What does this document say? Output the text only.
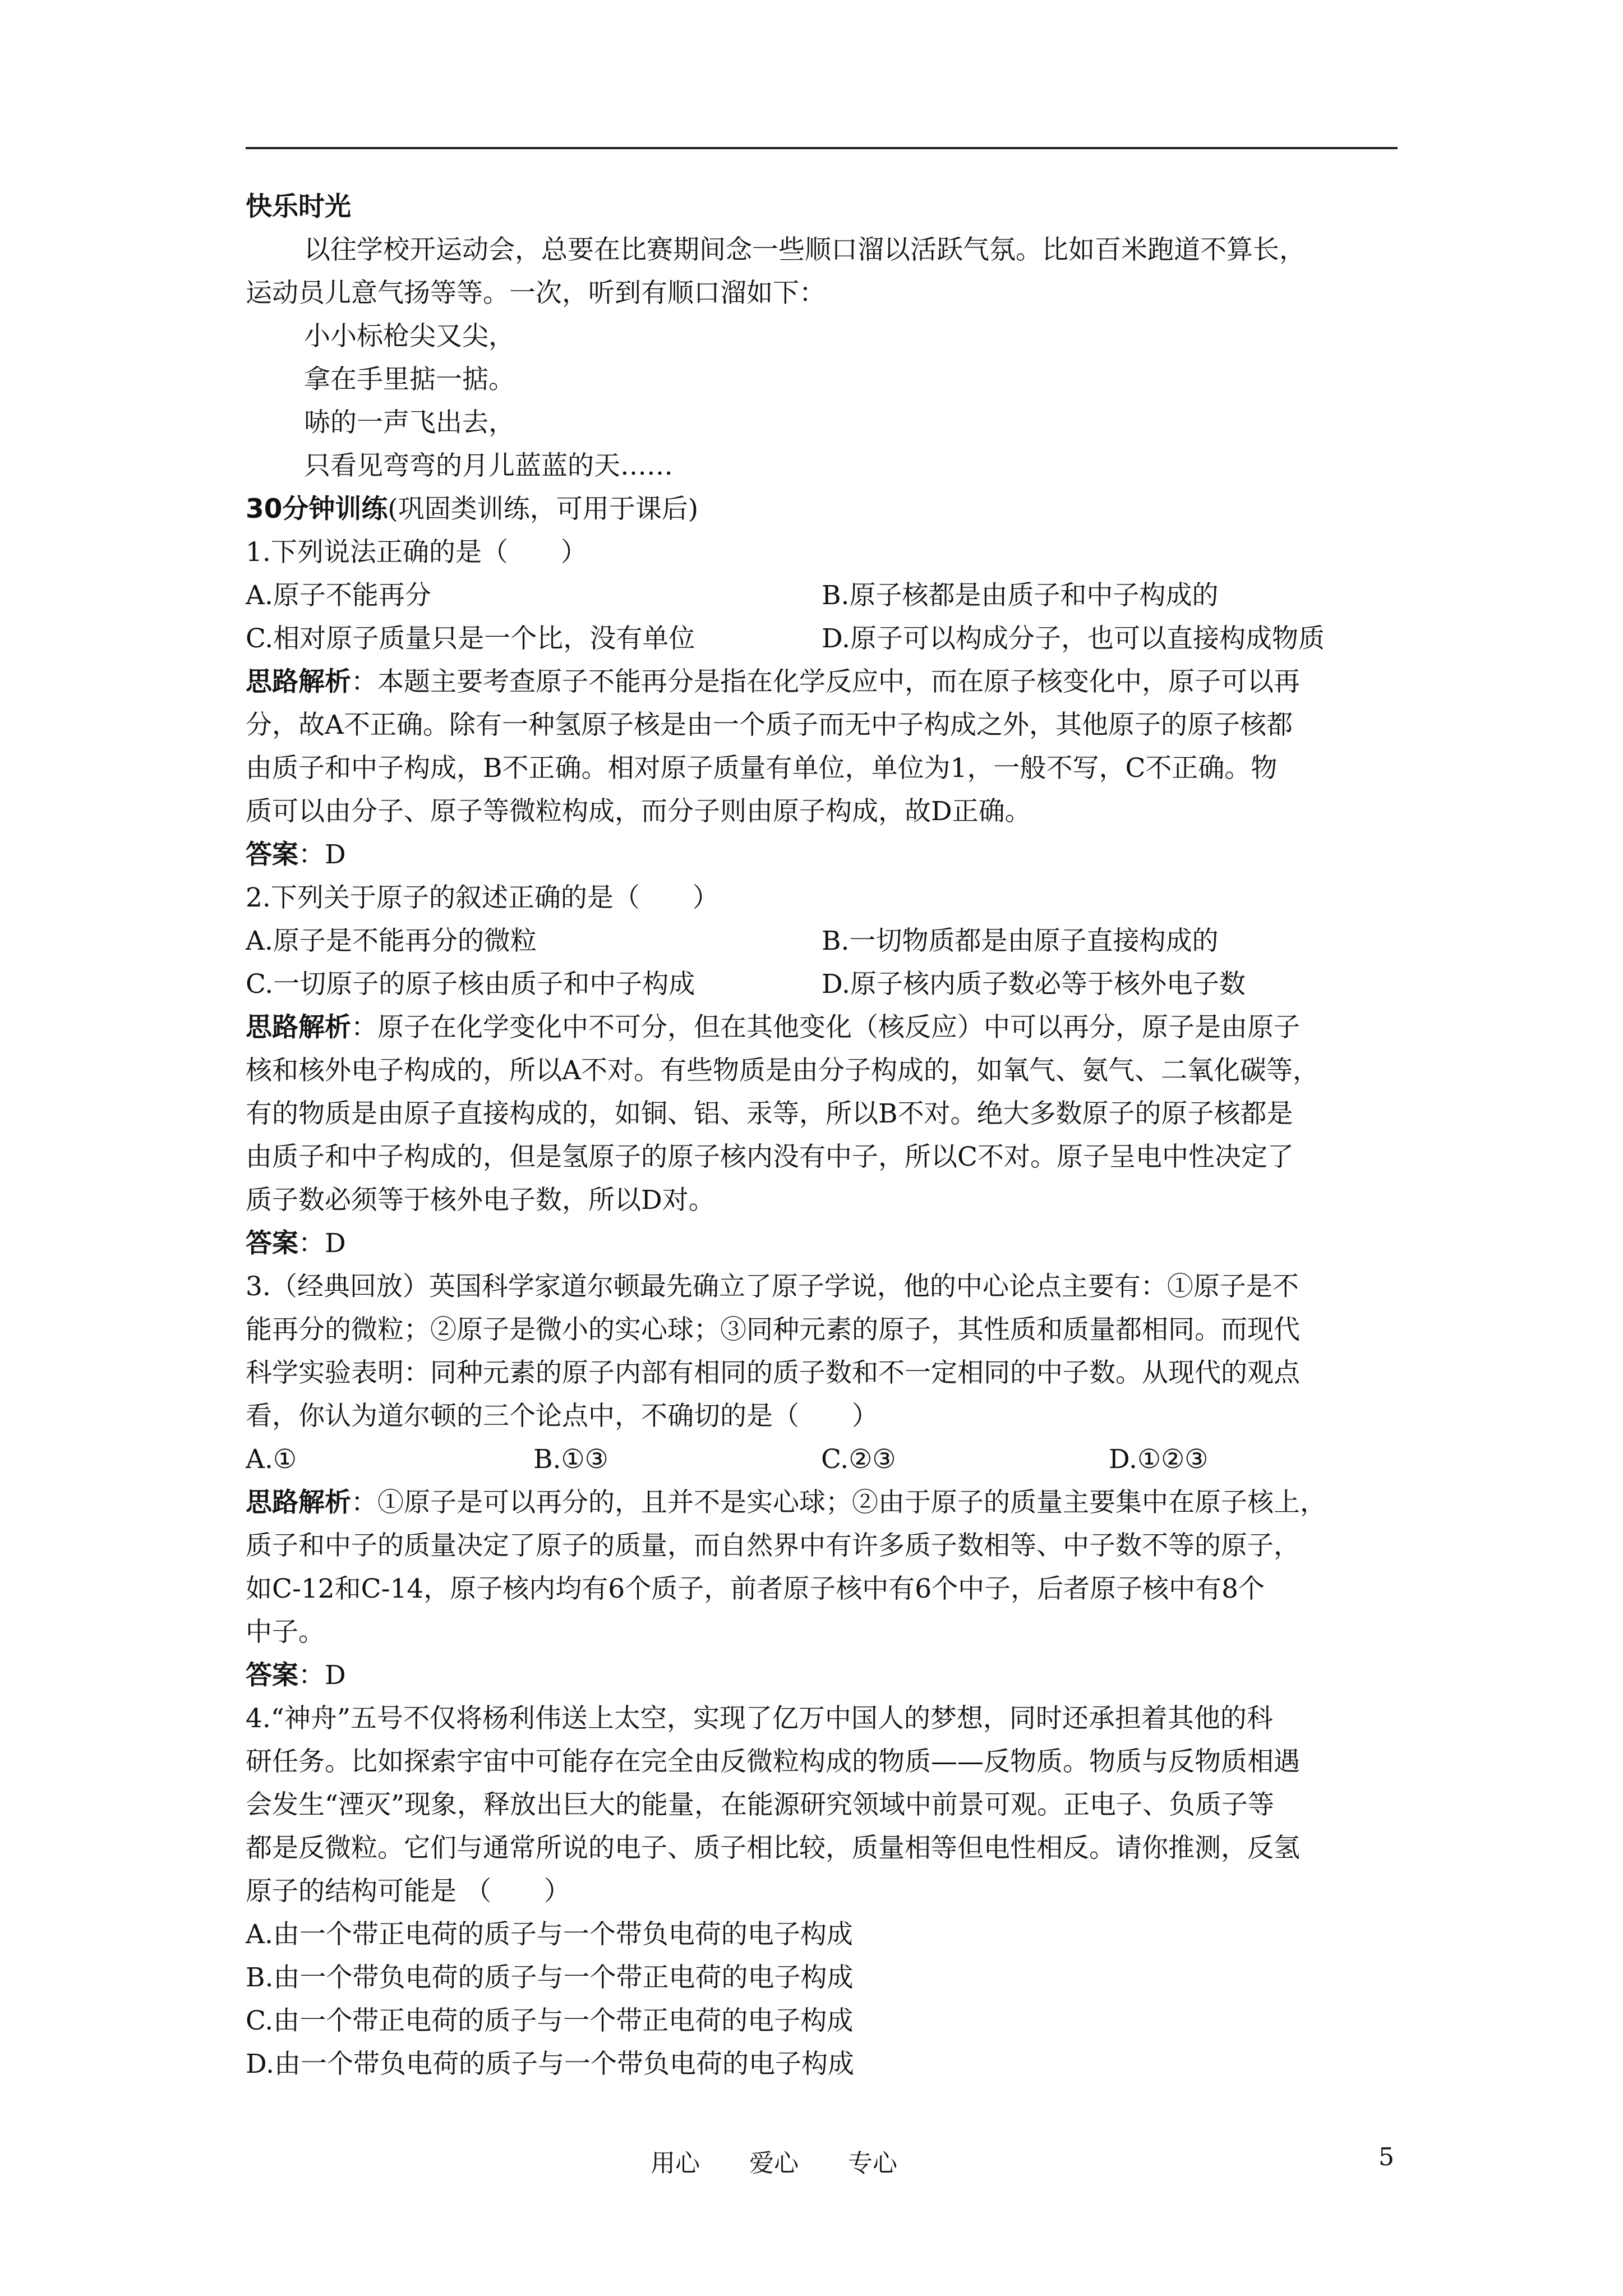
快乐时光
以往学校开运动会，总要在比赛期间念一些顺口溜以活跃气氛。比如百米跑道不算长，
运动员儿意气扬等等。一次，听到有顺口溜如下：
小小标枪尖又尖，
拿在手里掂一掂。
哧的一声飞出去，
只看见弯弯的月儿蓝蓝的天……
30分钟训练(巩固类训练，可用于课后)
1.下列说法正确的是（　　）
A.原子不能再分	B.原子核都是由质子和中子构成的
C.相对原子质量只是一个比，没有单位	D.原子可以构成分子，也可以直接构成物质
思路解析：本题主要考查原子不能再分是指在化学反应中，而在原子核变化中，原子可以再
分，故A不正确。除有一种氢原子核是由一个质子而无中子构成之外，其他原子的原子核都
由质子和中子构成，B不正确。相对原子质量有单位，单位为1，一般不写，C不正确。物
质可以由分子、原子等微粒构成，而分子则由原子构成，故D正确。
答案：D
2.下列关于原子的叙述正确的是（　　）
A.原子是不能再分的微粒	B.一切物质都是由原子直接构成的
C.一切原子的原子核由质子和中子构成	D.原子核内质子数必等于核外电子数
思路解析：原子在化学变化中不可分，但在其他变化（核反应）中可以再分，原子是由原子
核和核外电子构成的，所以A不对。有些物质是由分子构成的，如氧气、氨气、二氧化碳等，
有的物质是由原子直接构成的，如铜、铝、汞等，所以B不对。绝大多数原子的原子核都是
由质子和中子构成的，但是氢原子的原子核内没有中子，所以C不对。原子呈电中性决定了
质子数必须等于核外电子数，所以D对。
答案：D
3.（经典回放）英国科学家道尔顿最先确立了原子学说，他的中心论点主要有：①原子是不
能再分的微粒；②原子是微小的实心球；③同种元素的原子，其性质和质量都相同。而现代
科学实验表明：同种元素的原子内部有相同的质子数和不一定相同的中子数。从现代的观点
看，你认为道尔顿的三个论点中，不确切的是（　　）
A.①	B.①③	C.②③	D.①②③
思路解析：①原子是可以再分的，且并不是实心球；②由于原子的质量主要集中在原子核上，
质子和中子的质量决定了原子的质量，而自然界中有许多质子数相等、中子数不等的原子，
如C-12和C-14，原子核内均有6个质子，前者原子核中有6个中子，后者原子核中有8个
中子。
答案：D
4.“神舟”五号不仅将杨利伟送上太空，实现了亿万中国人的梦想，同时还承担着其他的科
研任务。比如探索宇宙中可能存在完全由反微粒构成的物质——反物质。物质与反物质相遇
会发生“湮灭”现象，释放出巨大的能量，在能源研究领域中前景可观。正电子、负质子等
都是反微粒。它们与通常所说的电子、质子相比较，质量相等但电性相反。请你推测，反氢
原子的结构可能是 （　　）
A.由一个带正电荷的质子与一个带负电荷的电子构成
B.由一个带负电荷的质子与一个带正电荷的电子构成
C.由一个带正电荷的质子与一个带正电荷的电子构成
D.由一个带负电荷的质子与一个带负电荷的电子构成
用心　　爱心　　专心	5
